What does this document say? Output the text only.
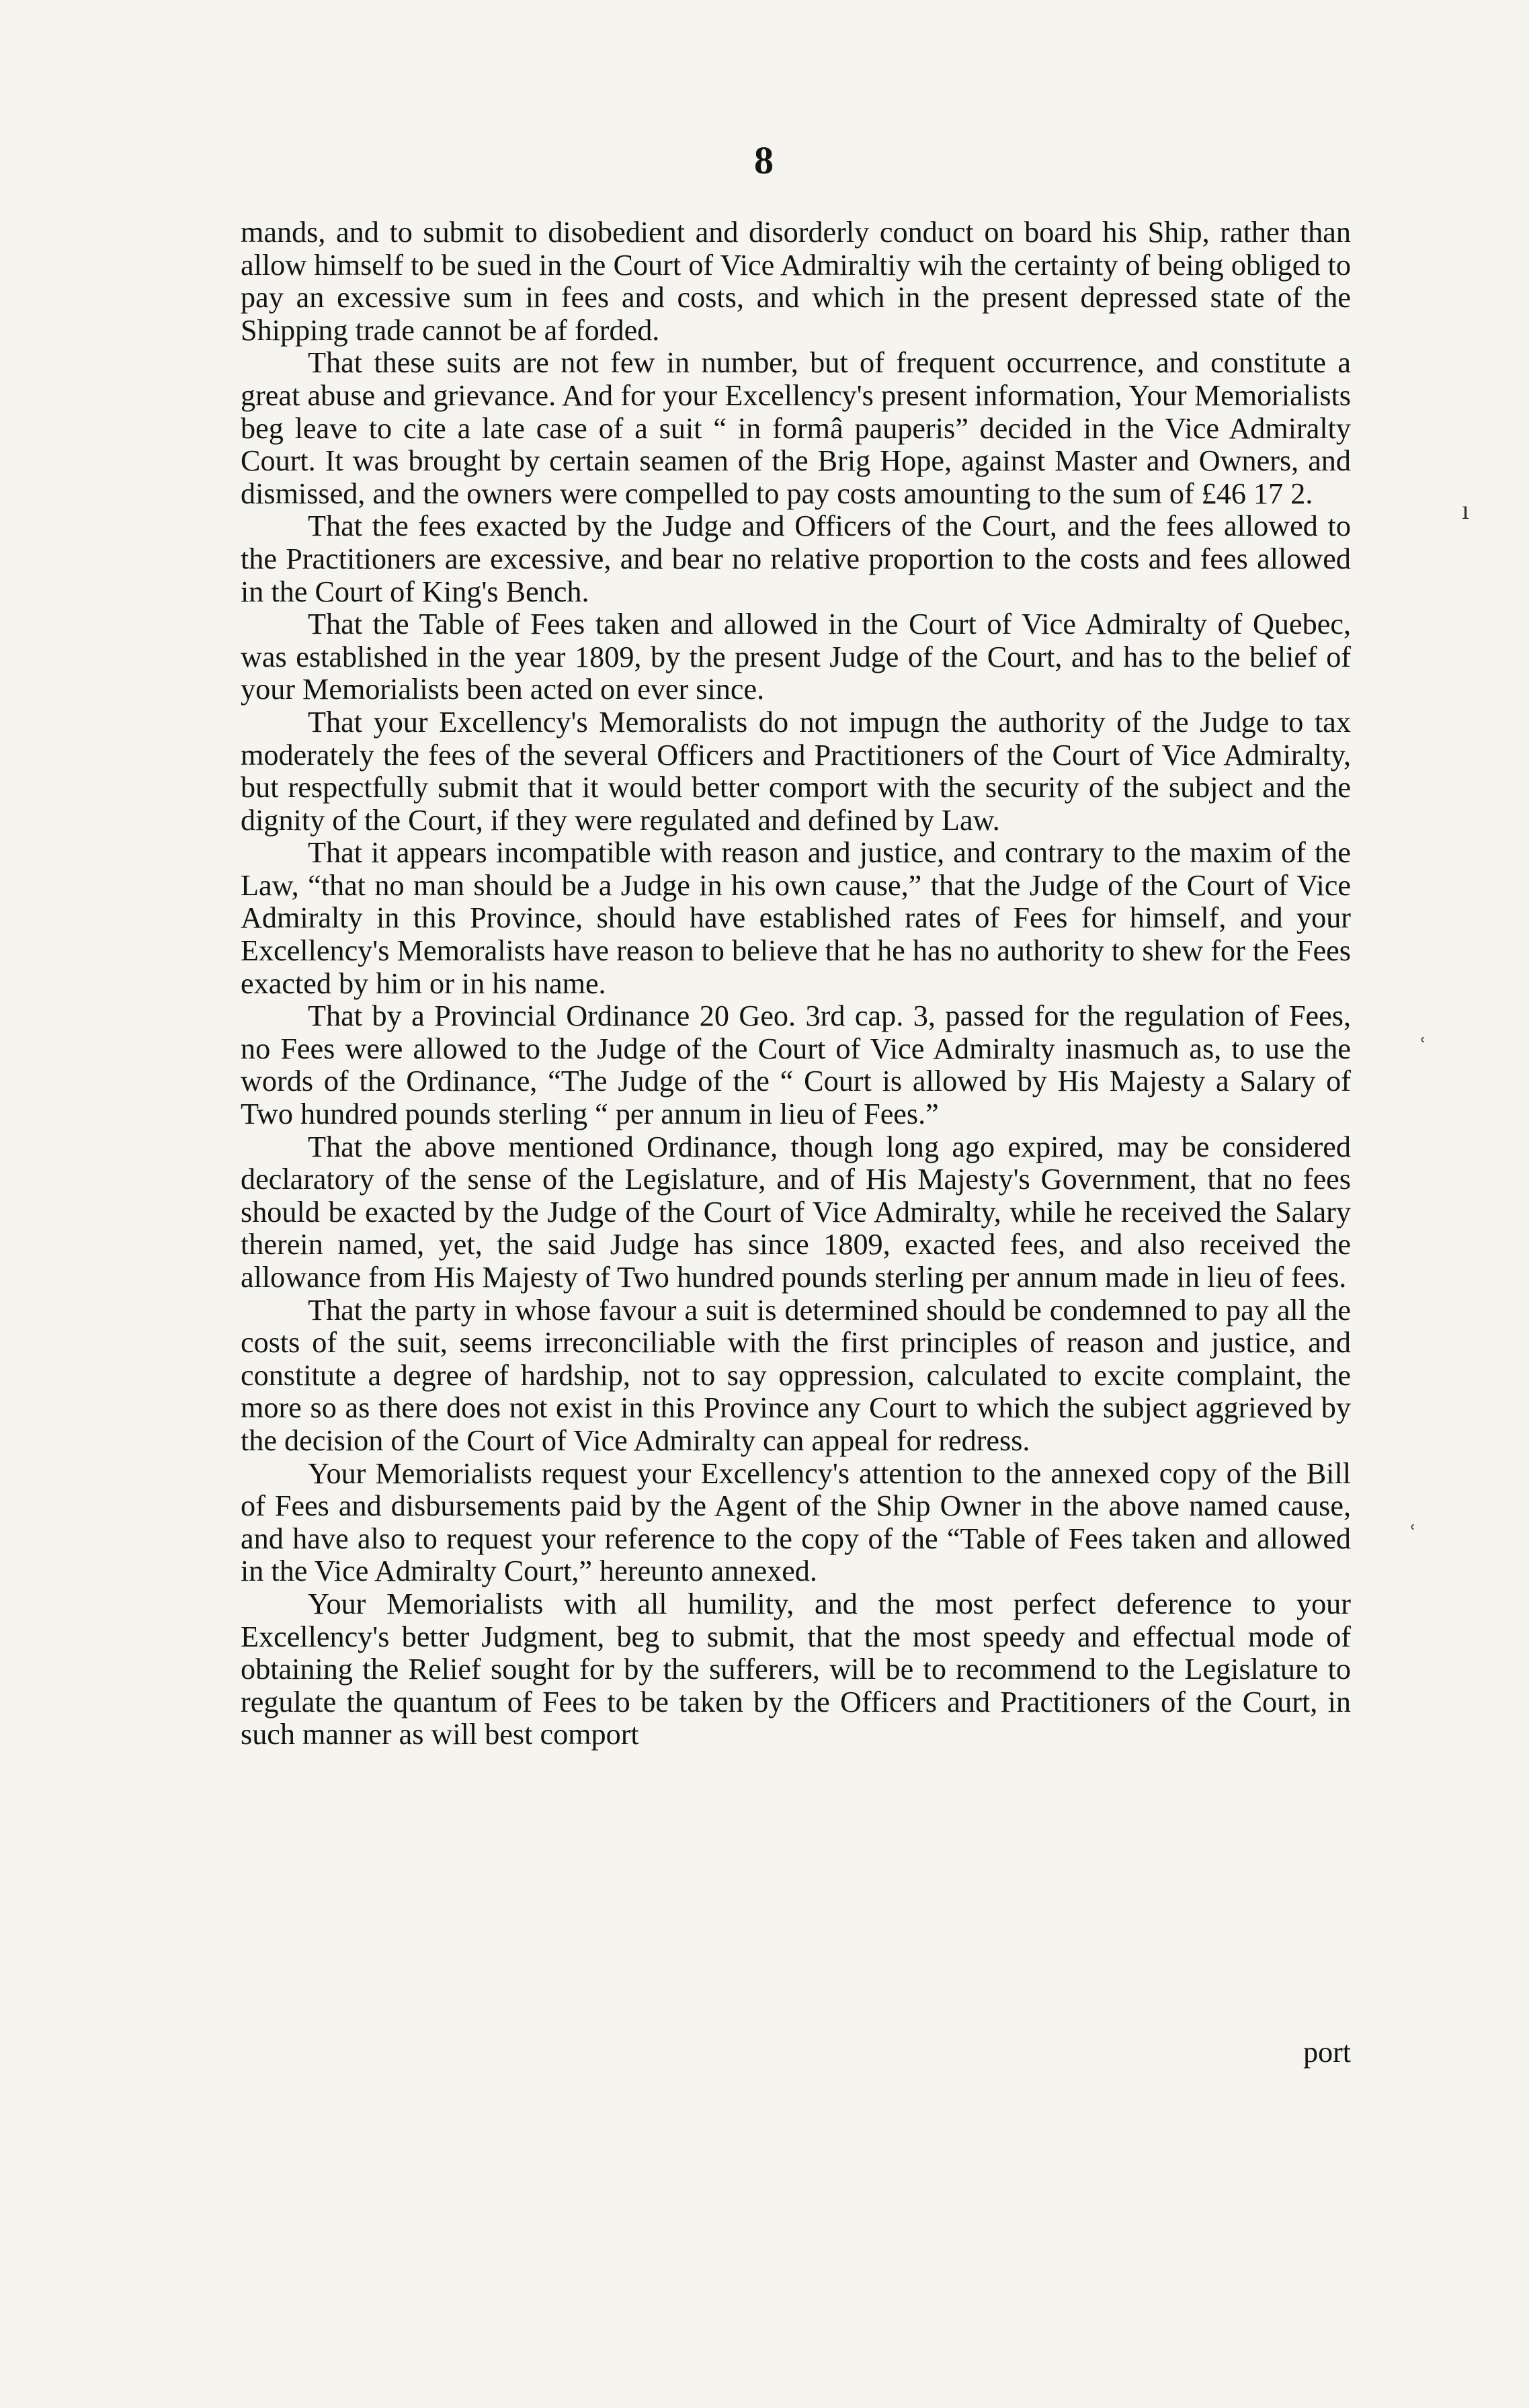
8

mands, and to submit to disobedient and disorderly conduct on board his Ship, rather than allow himself to be sued in the Court of Vice Admiraltiy wih the certainty of being obliged to pay an excessive sum in fees and costs, and which in the present depressed state of the Shipping trade cannot be af forded.

That these suits are not few in number, but of frequent occurrence, and constitute a great abuse and grievance. And for your Excellency's present information, Your Memorialists beg leave to cite a late case of a suit “ in formâ pauperis” decided in the Vice Admiralty Court. It was brought by certain seamen of the Brig Hope, against Master and Owners, and dismissed, and the owners were compelled to pay costs amounting to the sum of £46 17 2.

That the fees exacted by the Judge and Officers of the Court, and the fees allowed to the Practitioners are excessive, and bear no relative proportion to the costs and fees allowed in the Court of King's Bench.

That the Table of Fees taken and allowed in the Court of Vice Admiralty of Quebec, was established in the year 1809, by the present Judge of the Court, and has to the belief of your Memorialists been acted on ever since.

That your Excellency's Memoralists do not impugn the authority of the Judge to tax moderately the fees of the several Officers and Practitioners of the Court of Vice Admiralty, but respectfully submit that it would better comport with the security of the subject and the dignity of the Court, if they were regulated and defined by Law.

That it appears incompatible with reason and justice, and contrary to the maxim of the Law, “that no man should be a Judge in his own cause,” that the Judge of the Court of Vice Admiralty in this Province, should have established rates of Fees for himself, and your Excellency's Memoralists have reason to believe that he has no authority to shew for the Fees exacted by him or in his name.

That by a Provincial Ordinance 20 Geo. 3rd cap. 3, passed for the regulation of Fees, no Fees were allowed to the Judge of the Court of Vice Admiralty inasmuch as, to use the words of the Ordinance, “The Judge of the “ Court is allowed by His Majesty a Salary of Two hundred pounds sterling “ per annum in lieu of Fees.”

That the above mentioned Ordinance, though long ago expired, may be considered declaratory of the sense of the Legislature, and of His Majesty's Government, that no fees should be exacted by the Judge of the Court of Vice Admiralty, while he received the Salary therein named, yet, the said Judge has since 1809, exacted fees, and also received the allowance from His Majesty of Two hundred pounds sterling per annum made in lieu of fees.

That the party in whose favour a suit is determined should be condemned to pay all the costs of the suit, seems irreconciliable with the first principles of reason and justice, and constitute a degree of hardship, not to say oppression, calculated to excite complaint, the more so as there does not exist in this Province any Court to which the subject aggrieved by the decision of the Court of Vice Admiralty can appeal for redress.

Your Memorialists request your Excellency's attention to the annexed copy of the Bill of Fees and disbursements paid by the Agent of the Ship Owner in the above named cause, and have also to request your reference to the copy of the “Table of Fees taken and allowed in the Vice Admiralty Court,” hereunto annexed.

Your Memorialists with all humility, and the most perfect deference to your Excellency's better Judgment, beg to submit, that the most speedy and effectual mode of obtaining the Relief sought for by the sufferers, will be to recommend to the Legislature to regulate the quantum of Fees to be taken by the Officers and Practitioners of the Court, in such manner as will best comport

port
ı
ʿ
ʿ
